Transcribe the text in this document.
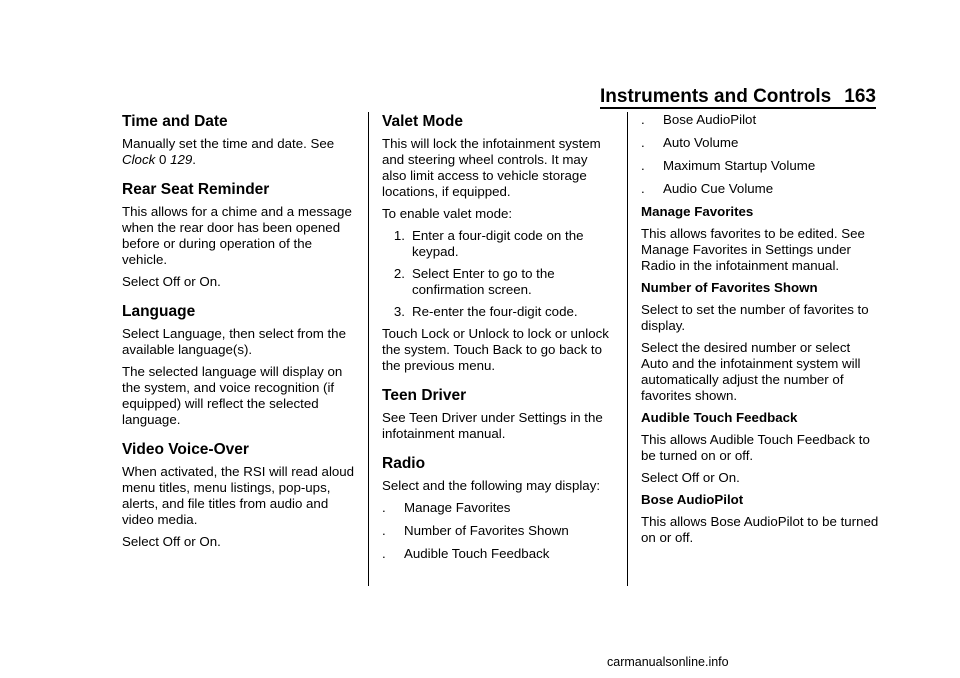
Instruments and Controls 163
Time and Date

Manually set the time and date. See Clock 0 129.

Rear Seat Reminder

This allows for a chime and a message when the rear door has been opened before or during operation of the vehicle.

Select Off or On.

Language

Select Language, then select from the available language(s).

The selected language will display on the system, and voice recognition (if equipped) will reflect the selected language.

Video Voice-Over

When activated, the RSI will read aloud menu titles, menu listings, pop-ups, alerts, and file titles from audio and video media.

Select Off or On.

Valet Mode

This will lock the infotainment system and steering wheel controls. It may also limit access to vehicle storage locations, if equipped.

To enable valet mode:

1. Enter a four-digit code on the keypad.
2. Select Enter to go to the confirmation screen.
3. Re-enter the four-digit code.

Touch Lock or Unlock to lock or unlock the system. Touch Back to go back to the previous menu.

Teen Driver

See Teen Driver under Settings in the infotainment manual.

Radio

Select and the following may display:

.	Manage Favorites
.	Number of Favorites Shown
.	Audible Touch Feedback
.	Bose AudioPilot
.	Auto Volume
.	Maximum Startup Volume
.	Audio Cue Volume

Manage Favorites

This allows favorites to be edited. See Manage Favorites in Settings under Radio in the infotainment manual.

Number of Favorites Shown

Select to set the number of favorites to display.

Select the desired number or select Auto and the infotainment system will automatically adjust the number of favorites shown.

Audible Touch Feedback

This allows Audible Touch Feedback to be turned on or off.

Select Off or On.

Bose AudioPilot

This allows Bose AudioPilot to be turned on or off.

carmanualsonline.info
